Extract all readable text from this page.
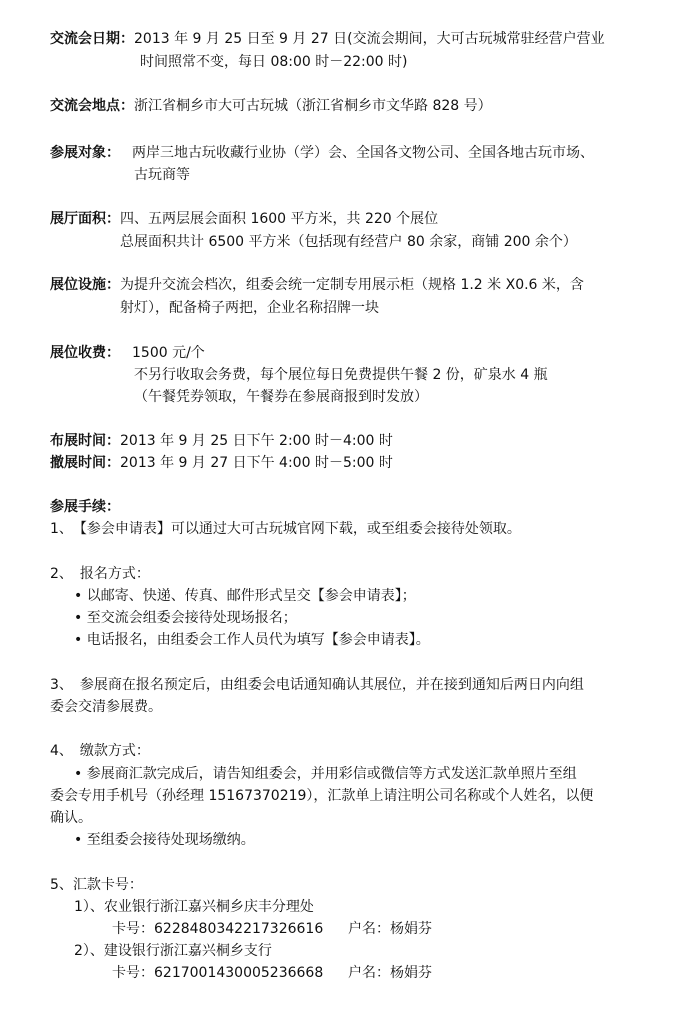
交流会日期：2013 年 9 月 25 日至 9 月 27 日(交流会期间，大可古玩城常驻经营户营业
时间照常不变，每日 08:00 时－22:00 时)
交流会地点：浙江省桐乡市大可古玩城（浙江省桐乡市文华路 828 号）
参展对象： 两岸三地古玩收藏行业协（学）会、全国各文物公司、全国各地古玩市场、
古玩商等
展厅面积：四、五两层展会面积 1600 平方米，共 220 个展位
总展面积共计 6500 平方米（包括现有经营户 80 余家，商铺 200 余个）
展位设施：为提升交流会档次，组委会统一定制专用展示柜（规格 1.2 米 X0.6 米，含
射灯），配备椅子两把，企业名称招牌一块
展位收费： 1500 元/个
不另行收取会务费，每个展位每日免费提供午餐 2 份，矿泉水 4 瓶
（午餐凭券领取，午餐券在参展商报到时发放）
布展时间：2013 年 9 月 25 日下午 2:00 时－4:00 时
撤展时间：2013 年 9 月 27 日下午 4:00 时－5:00 时
参展手续：
1、　【参会申请表】可以通过大可古玩城官网下载，或至组委会接待处领取。
2、　报名方式：
• 以邮寄、快递、传真、邮件形式呈交【参会申请表】；
• 至交流会组委会接待处现场报名；
• 电话报名，由组委会工作人员代为填写【参会申请表】。
3、　参展商在报名预定后，由组委会电话通知确认其展位，并在接到通知后两日内向组
委会交清参展费。
4、　缴款方式：
• 参展商汇款完成后，请告知组委会，并用彩信或微信等方式发送汇款单照片至组
委会专用手机号（孙经理 15167370219），汇款单上请注明公司名称或个人姓名，以便
确认。
• 至组委会接待处现场缴纳。
5、汇款卡号：
1）、农业银行浙江嘉兴桐乡庆丰分理处
卡号：6228480342217326616 户名：杨娟芬
2）、建设银行浙江嘉兴桐乡支行
卡号：6217001430005236668 户名：杨娟芬
